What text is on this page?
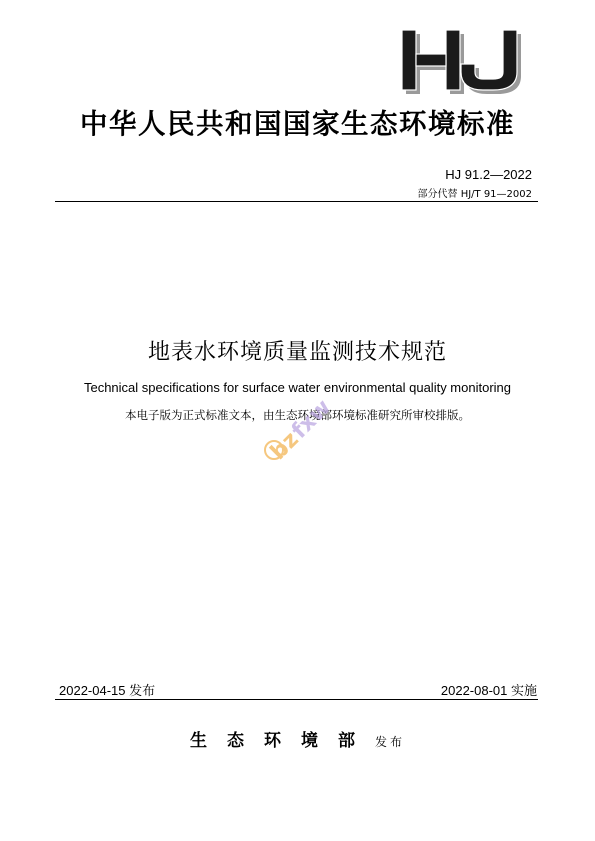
中华人民共和国国家生态环境标准
HJ 91.2—2022
部分代替 HJ/T 91—2002
地表水环境质量监测技术规范
Technical specifications for surface water environmental quality monitoring
本电子版为正式标准文本，由生态环境部环境标准研究所审校排版。
bz
fxw
2022-04-15 发布	2022-08-01 实施
生态环境部发布
